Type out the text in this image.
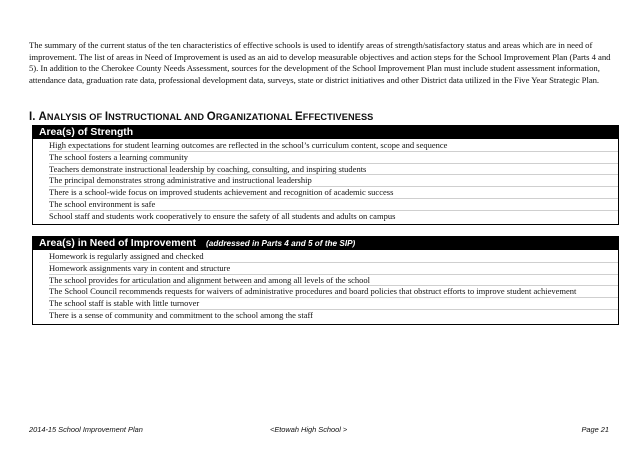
The summary of the current status of the ten characteristics of effective schools is used to identify areas of strength/satisfactory status and areas which are in need of improvement. The list of areas in Need of Improvement is used as an aid to develop measurable objectives and action steps for the School Improvement Plan (Parts 4 and 5). In addition to the Cherokee County Needs Assessment, sources for the development of the School Improvement Plan must include student assessment information, attendance data, graduation rate data, professional development data, surveys, state or district initiatives and other District data utilized in the Five Year Strategic Plan.
I. ANALYSIS OF INSTRUCTIONAL AND ORGANIZATIONAL EFFECTIVENESS
Area(s) of Strength
High expectations for student learning outcomes are reflected in the school’s curriculum content, scope and sequence
The school fosters a learning community
Teachers demonstrate instructional leadership by coaching, consulting, and inspiring students
The principal demonstrates strong administrative and instructional leadership
There is a school-wide focus on improved students achievement and recognition of academic success
The school environment is safe
School staff and students work cooperatively to ensure the safety of all students and adults on campus
Area(s) in Need of Improvement (addressed in Parts 4 and 5 of the SIP)
Homework is regularly assigned and checked
Homework assignments vary in content and structure
The school provides for articulation and alignment between and among all levels of the school
The School Council recommends requests for waivers of administrative procedures and board policies that obstruct efforts to improve student achievement
The school staff is stable with little turnover
There is a sense of community and commitment to the school among the staff
2014-15 School Improvement Plan	<Etowah High School >	Page 21
